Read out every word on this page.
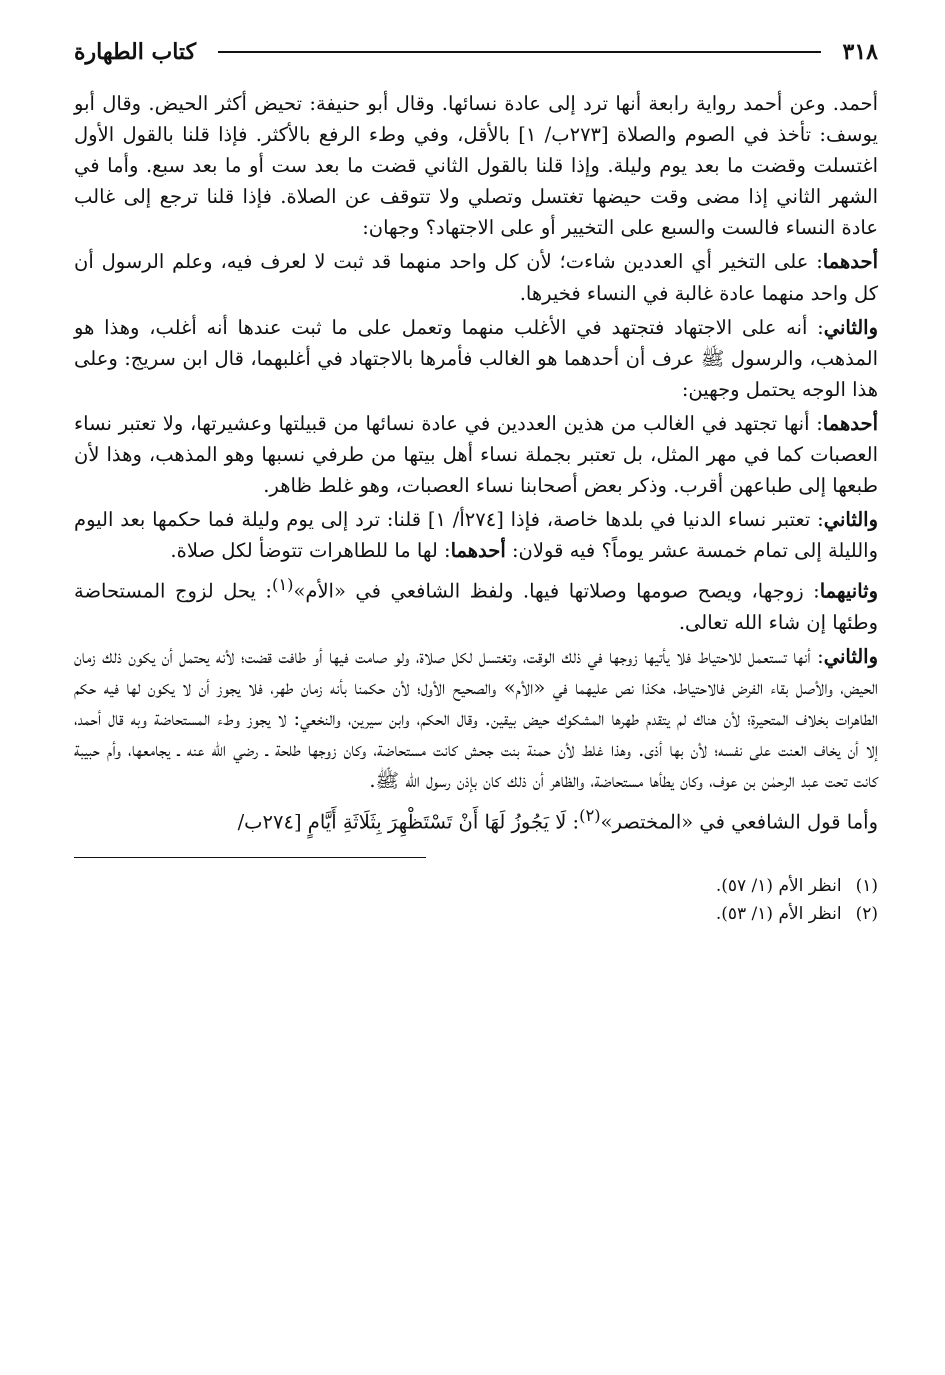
٣١٨
كتاب الطهارة

أحمد. وعن أحمد رواية رابعة أنها ترد إلى عادة نسائها. وقال أبو حنيفة: تحيض أكثر الحيض. وقال أبو يوسف: تأخذ في الصوم والصلاة [٢٧٣ب/ ١] بالأقل، وفي وطء الرفع بالأكثر. فإذا قلنا بالقول الأول اغتسلت وقضت ما بعد يوم وليلة. وإذا قلنا بالقول الثاني قضت ما بعد ست أو ما بعد سبع. وأما في الشهر الثاني إذا مضى وقت حيضها تغتسل وتصلي ولا تتوقف عن الصلاة. فإذا قلنا ترجع إلى غالب عادة النساء فالست والسبع على التخيير أو على الاجتهاد؟ وجهان:

أحدهما: على التخير أي العددين شاءت؛ لأن كل واحد منهما قد ثبت لا لعرف فيه، وعلم الرسول أن كل واحد منهما عادة غالبة في النساء فخيرها.

والثاني: أنه على الاجتهاد فتجتهد في الأغلب منهما وتعمل على ما ثبت عندها أنه أغلب، وهذا هو المذهب، والرسول ﷺ عرف أن أحدهما هو الغالب فأمرها بالاجتهاد في أغلبهما، قال ابن سريج: وعلى هذا الوجه يحتمل وجهين:

أحدهما: أنها تجتهد في الغالب من هذين العددين في عادة نسائها من قبيلتها وعشيرتها، ولا تعتبر نساء العصبات كما في مهر المثل، بل تعتبر بجملة نساء أهل بيتها من طرفي نسبها وهو المذهب، وهذا لأن طبعها إلى طباعهن أقرب. وذكر بعض أصحابنا نساء العصبات، وهو غلط ظاهر.

والثاني: تعتبر نساء الدنيا في بلدها خاصة، فإذا [٢٧٤أ/ ١] قلنا: ترد إلى يوم وليلة فما حكمها بعد اليوم والليلة إلى تمام خمسة عشر يوماً؟ فيه قولان: أحدهما: لها ما للطاهرات تتوضأ لكل صلاة.

وثانيهما: زوجها، ويصح صومها وصلاتها فيها. ولفظ الشافعي في «الأم»$^{(١)}$: يحل لزوج المستحاضة وطئها إن شاء الله تعالى.

والثاني: أنها تستعمل للاحتياط فلا يأتيها زوجها في ذلك الوقت، وتغتسل لكل صلاة، ولو صامت فيها أو طافت قضت؛ لأنه يحتمل أن يكون ذلك زمان الحيض، والأصل بقاء الفرض فالاحتياط، هكذا نص عليهما في «الأم» والصحيح الأول؛ لأن حكمنا بأنه زمان طهر، فلا يجوز أن لا يكون لها فيه حكم الطاهرات بخلاف المتحيرة؛ لأن هناك لم يتقدم طهرها المشكوك حيض بيقين. وقال الحكم، وابن سيرين، والنخعي: لا يجوز وطء المستحاضة وبه قال أحمد، إلا أن يخاف العنت على نفسه؛ لأن بها أذى. وهذا غلط لأن حمنة بنت جحش كانت مستحاضة، وكان زوجها طلحة ـ رضي الله عنه ـ يجامعها، وأم حبيبة كانت تحت عبد الرحمٰن بن عوف، وكان يطأها مستحاضة، والظاهر أن ذلك كان بإذن رسول الله ﷺ.

وأما قول الشافعي في «المختصر»$^{(٢)}$: لَا يَجُوزُ لَهَا أَنْ تَسْتَظْهِرَ بِثَلَاثَةِ أَيَّامٍ [٢٧٤ب/

(١)انظر الأم (١/ ٥٧).
(٢)انظر الأم (١/ ٥٣).
